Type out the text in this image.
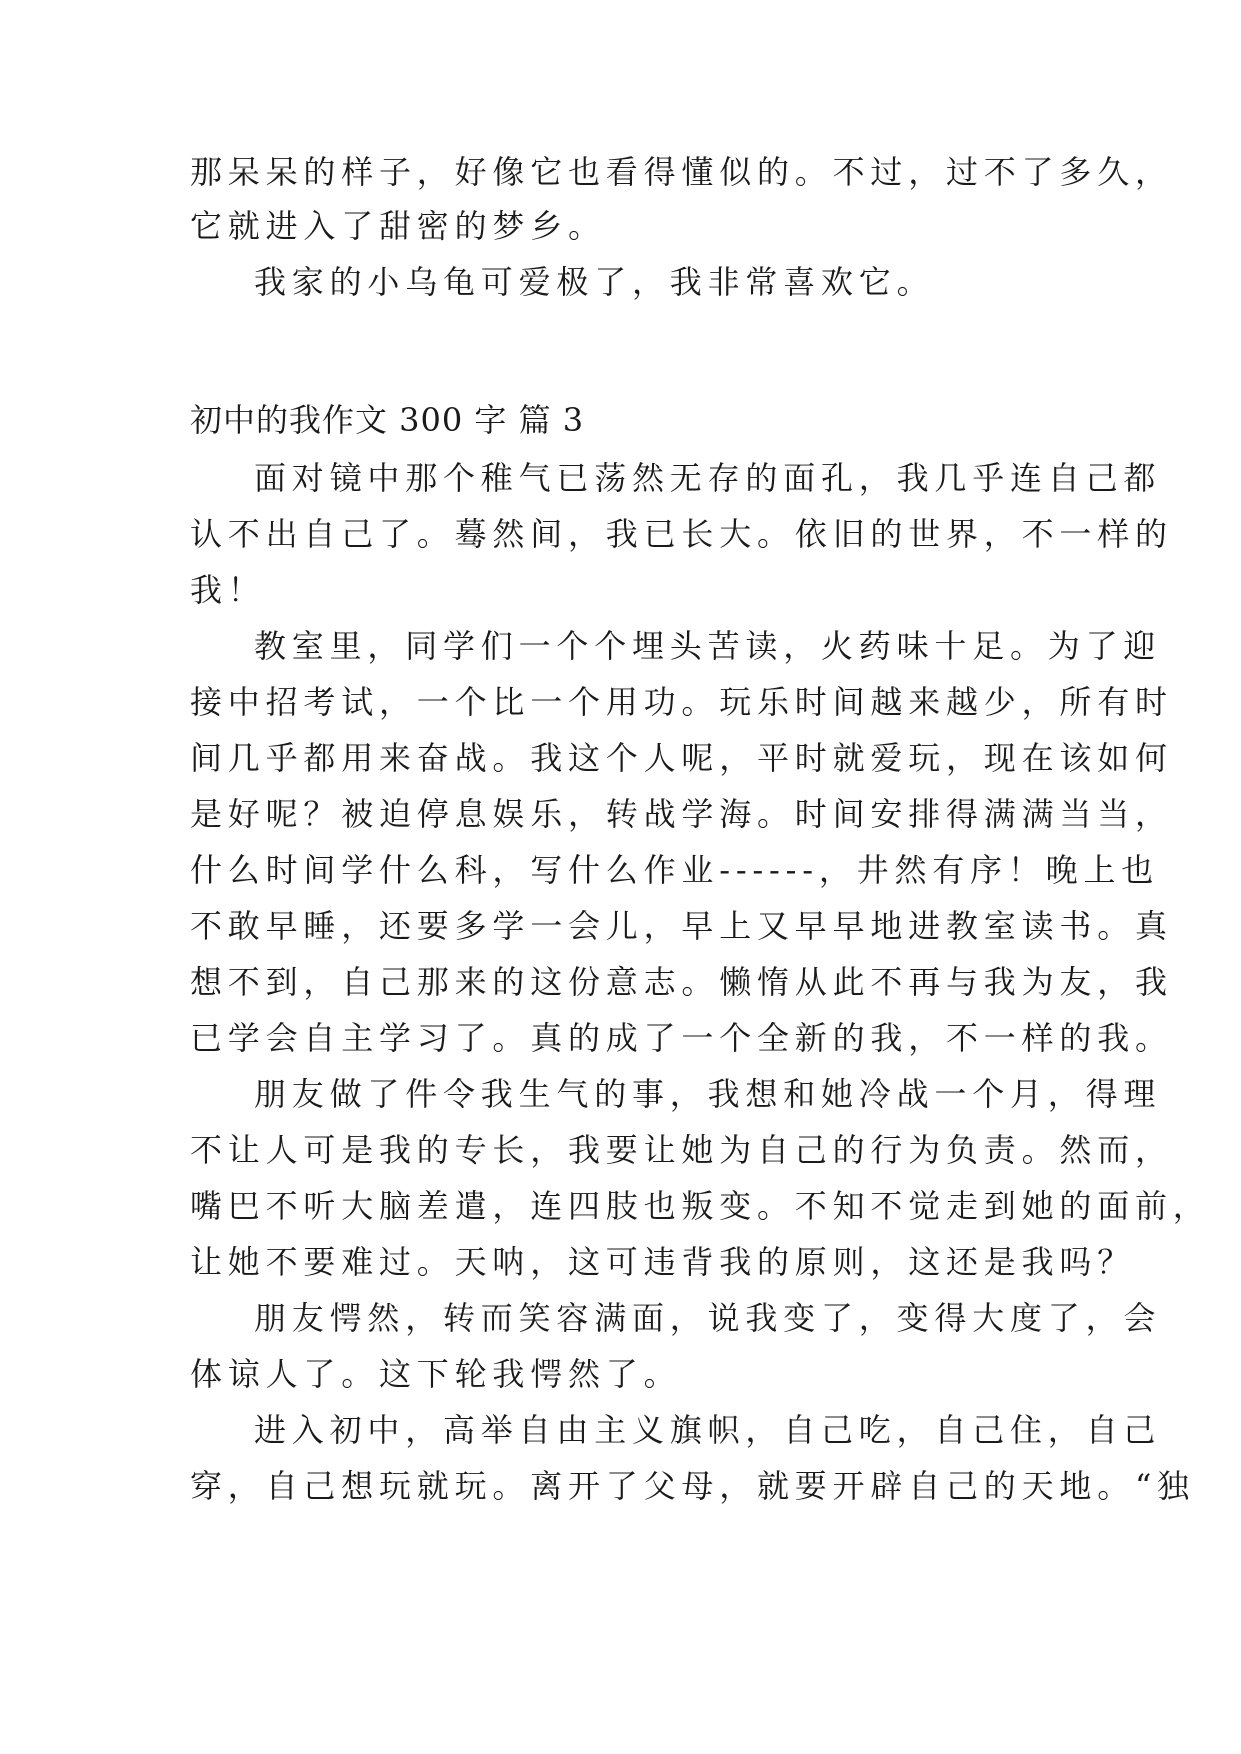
那呆呆的样子，好像它也看得懂似的。不过，过不了多久，
它就进入了甜密的梦乡。
我家的小乌龟可爱极了，我非常喜欢它。
初中的我作文 300 字 篇 3
面对镜中那个稚气已荡然无存的面孔，我几乎连自己都
认不出自己了。蓦然间，我已长大。依旧的世界，不一样的
我！
教室里，同学们一个个埋头苦读，火药味十足。为了迎
接中招考试，一个比一个用功。玩乐时间越来越少，所有时
间几乎都用来奋战。我这个人呢，平时就爱玩，现在该如何
是好呢？被迫停息娱乐，转战学海。时间安排得满满当当，
什么时间学什么科，写什么作业------，井然有序！晚上也
不敢早睡，还要多学一会儿，早上又早早地进教室读书。真
想不到，自己那来的这份意志。懒惰从此不再与我为友，我
已学会自主学习了。真的成了一个全新的我，不一样的我。
朋友做了件令我生气的事，我想和她冷战一个月，得理
不让人可是我的专长，我要让她为自己的行为负责。然而，
嘴巴不听大脑差遣，连四肢也叛变。不知不觉走到她的面前，
让她不要难过。天呐，这可违背我的原则，这还是我吗？
朋友愕然，转而笑容满面，说我变了，变得大度了，会
体谅人了。这下轮我愕然了。
进入初中，高举自由主义旗帜，自己吃，自己住，自己
穿，自己想玩就玩。离开了父母，就要开辟自己的天地。“独
